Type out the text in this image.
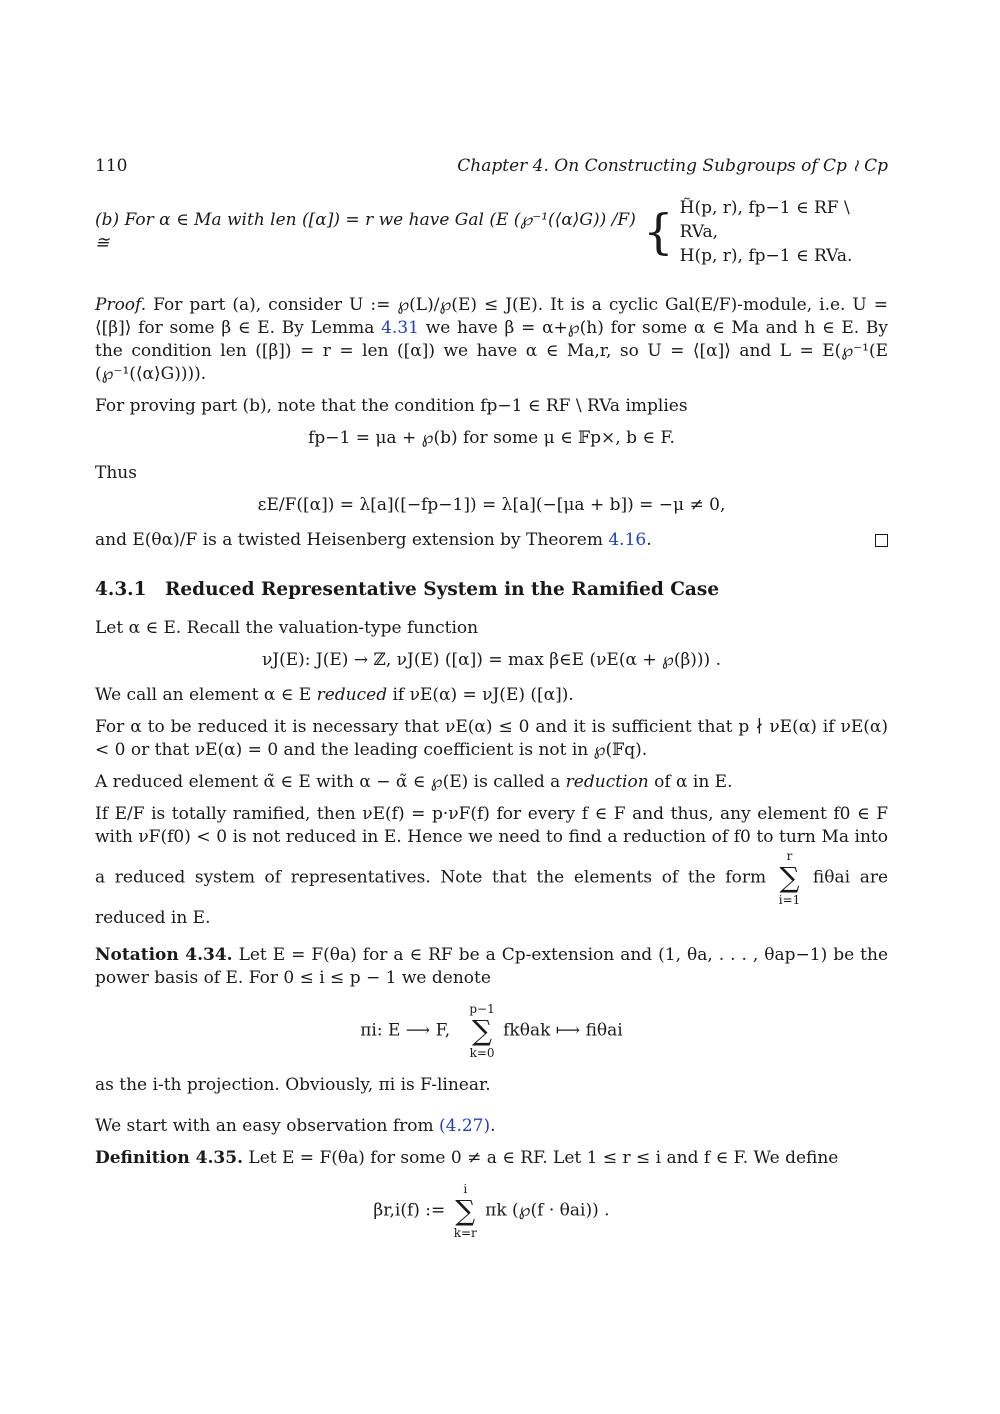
110	Chapter 4. On Constructing Subgroups of Cp ≀ Cp
(b) For α ∈ Ma with len ([α]) = r we have Gal (E (℘⁻¹(⟨α⟩G)) /F) ≅	{ H̃(p, r), fp−1 ∈ RF \ RVa,
H(p, r), fp−1 ∈ RVa.

Proof. For part (a), consider U := ℘(L)/℘(E) ≤ J(E). It is a cyclic Gal(E/F)-module, i.e. U = ⟨[β]⟩ for some β ∈ E. By Lemma 4.31 we have β = α+℘(h) for some α ∈ Ma and h ∈ E. By the condition len ([β]) = r = len ([α]) we have α ∈ Ma,r, so U = ⟨[α]⟩ and L = E(℘⁻¹(E (℘⁻¹(⟨α⟩G)))).

For proving part (b), note that the condition fp−1 ∈ RF \ RVa implies

fp−1 = μa + ℘(b) for some μ ∈ 𝔽p×, b ∈ F.

Thus

εE/F([α]) = λ[a]([−fp−1]) = λ[a](−[μa + b]) = −μ ≠ 0,
and E(θα)/F is a twisted Heisenberg extension by Theorem 4.16.
4.3.1 Reduced Representative System in the Ramified Case

Let α ∈ E. Recall the valuation-type function

νJ(E): J(E) → ℤ, νJ(E) ([α]) = max β∈E (νE(α + ℘(β))) .

We call an element α ∈ E reduced if νE(α) = νJ(E) ([α]).

For α to be reduced it is necessary that νE(α) ≤ 0 and it is sufficient that p ∤ νE(α) if νE(α) < 0 or that νE(α) = 0 and the leading coefficient is not in ℘(𝔽q).

A reduced element α̃ ∈ E with α − α̃ ∈ ℘(E) is called a reduction of α in E.

If E/F is totally ramified, then νE(f) = p·νF(f) for every f ∈ F and thus, any element f0 ∈ F with νF(f0) < 0 is not reduced in E. Hence we need to find a reduction of f0 to turn Ma into a reduced system of representatives. Note that the elements of the form
r
∑
i=1
fiθai are reduced in E.

Notation 4.34. Let E = F(θa) for a ∈ RF be a Cp-extension and (1, θa, . . . , θap−1) be the power basis of E. For 0 ≤ i ≤ p − 1 we denote

πi: E ⟶ F,
p−1
∑
k=0
fkθak ⟼ fiθai

as the i-th projection. Obviously, πi is F-linear.

We start with an easy observation from (4.27).

Definition 4.35. Let E = F(θa) for some 0 ≠ a ∈ RF. Let 1 ≤ r ≤ i and f ∈ F. We define

βr,i(f) :=
i
∑
k=r
πk (℘(f · θai)) .
